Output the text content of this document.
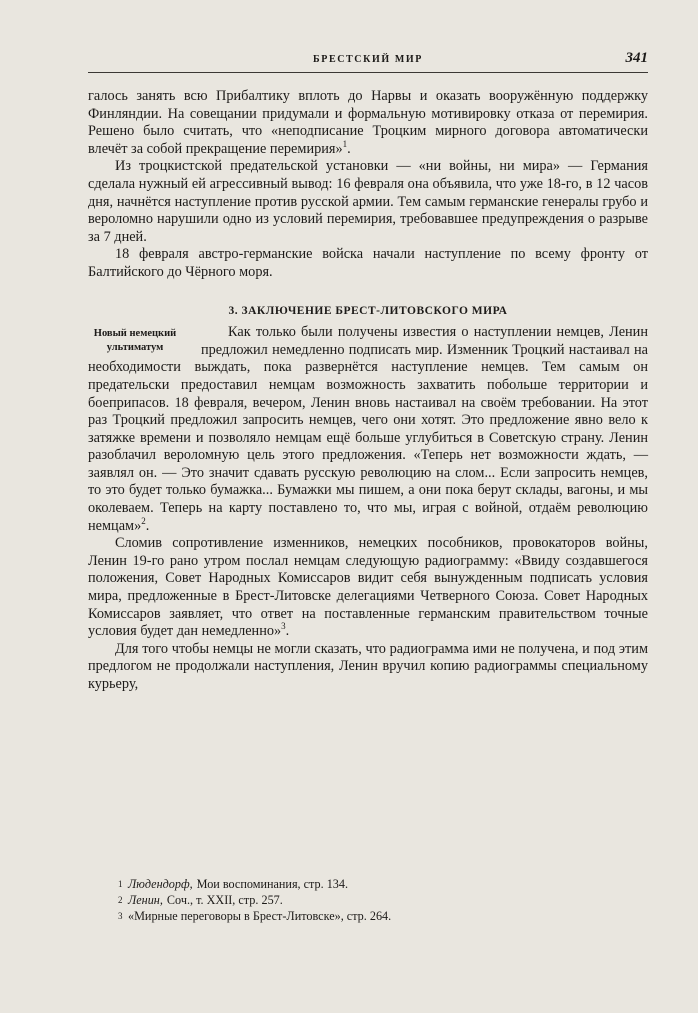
БРЕСТСКИЙ МИР	341

галось занять всю Прибалтику вплоть до Нарвы и оказать вооружённую поддержку Финляндии. На совещании придумали и формальную мотивировку отказа от перемирия. Решено было считать, что «неподписание Троцким мирного договора автоматически влечёт за собой прекращение перемирия»$^1$.

Из троцкистской предательской установки — «ни войны, ни мира» — Германия сделала нужный ей агрессивный вывод: 16 февраля она объявила, что уже 18-го, в 12 часов дня, начнётся наступление против русской армии. Тем самым германские генералы грубо и вероломно нарушили одно из условий перемирия, требовавшее предупреждения о разрыве за 7 дней.

18 февраля австро-германские войска начали наступление по всему фронту от Балтийского до Чёрного моря.

3. ЗАКЛЮЧЕНИЕ БРЕСТ-ЛИТОВСКОГО МИРА
Новый немецкий
ультиматум

Как только были получены известия о наступлении немцев, Ленин предложил немедленно подписать мир. Изменник Троцкий настаивал на необходимости выждать, пока развернётся наступление немцев. Тем самым он предательски предоставил немцам возможность захватить побольше территории и боеприпасов. 18 февраля, вечером, Ленин вновь настаивал на своём требовании. На этот раз Троцкий предложил запросить немцев, чего они хотят. Это предложение явно вело к затяжке времени и позволяло немцам ещё больше углубиться в Советскую страну. Ленин разоблачил вероломную цель этого предложения. «Теперь нет возможности ждать, — заявлял он. — Это значит сдавать русскую революцию на слом... Если запросить немцев, то это будет только бумажка... Бумажки мы пишем, а они пока берут склады, вагоны, и мы околеваем. Теперь на карту поставлено то, что мы, играя с войной, отдаём революцию немцам»$^2$.

Сломив сопротивление изменников, немецких пособников, провокаторов войны, Ленин 19-го рано утром послал немцам следующую радиограмму: «Ввиду создавшегося положения, Совет Народных Комиссаров видит себя вынужденным подписать условия мира, предложенные в Брест-Литовске делегациями Четверного Союза. Совет Народных Комиссаров заявляет, что ответ на поставленные германским правительством точные условия будет дан немедленно»$^3$.

Для того чтобы немцы не могли сказать, что радиограмма ими не получена, и под этим предлогом не продолжали наступления, Ленин вручил копию радиограммы специальному курьеру,

1 Людендорф, Мои воспоминания, стр. 134.
2 Ленин, Соч., т. XXII, стр. 257.
3 «Мирные переговоры в Брест-Литовске», стр. 264.
